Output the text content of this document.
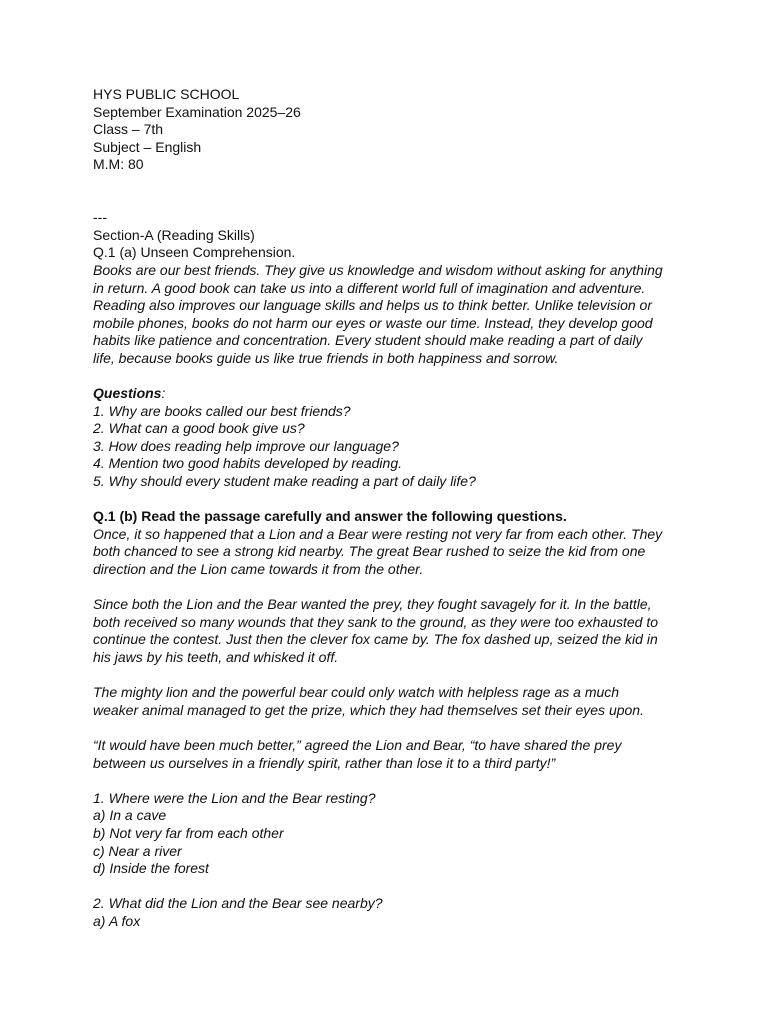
HYS PUBLIC SCHOOL
September Examination 2025–26
Class – 7th
Subject – English
M.M: 80
---
Section-A (Reading Skills)
Q.1 (a) Unseen Comprehension.
Books are our best friends. They give us knowledge and wisdom without asking for anything
in return. A good book can take us into a different world full of imagination and adventure.
Reading also improves our language skills and helps us to think better. Unlike television or
mobile phones, books do not harm our eyes or waste our time. Instead, they develop good
habits like patience and concentration. Every student should make reading a part of daily
life, because books guide us like true friends in both happiness and sorrow.
Questions:
1. Why are books called our best friends?
2. What can a good book give us?
3. How does reading help improve our language?
4. Mention two good habits developed by reading.
5. Why should every student make reading a part of daily life?
Q.1 (b) Read the passage carefully and answer the following questions.
Once, it so happened that a Lion and a Bear were resting not very far from each other. They
both chanced to see a strong kid nearby. The great Bear rushed to seize the kid from one
direction and the Lion came towards it from the other.
Since both the Lion and the Bear wanted the prey, they fought savagely for it. In the battle,
both received so many wounds that they sank to the ground, as they were too exhausted to
continue the contest. Just then the clever fox came by. The fox dashed up, seized the kid in
his jaws by his teeth, and whisked it off.
The mighty lion and the powerful bear could only watch with helpless rage as a much
weaker animal managed to get the prize, which they had themselves set their eyes upon.
“It would have been much better,” agreed the Lion and Bear, “to have shared the prey
between us ourselves in a friendly spirit, rather than lose it to a third party!”
1. Where were the Lion and the Bear resting?
a) In a cave
b) Not very far from each other
c) Near a river
d) Inside the forest
2. What did the Lion and the Bear see nearby?
a) A fox
